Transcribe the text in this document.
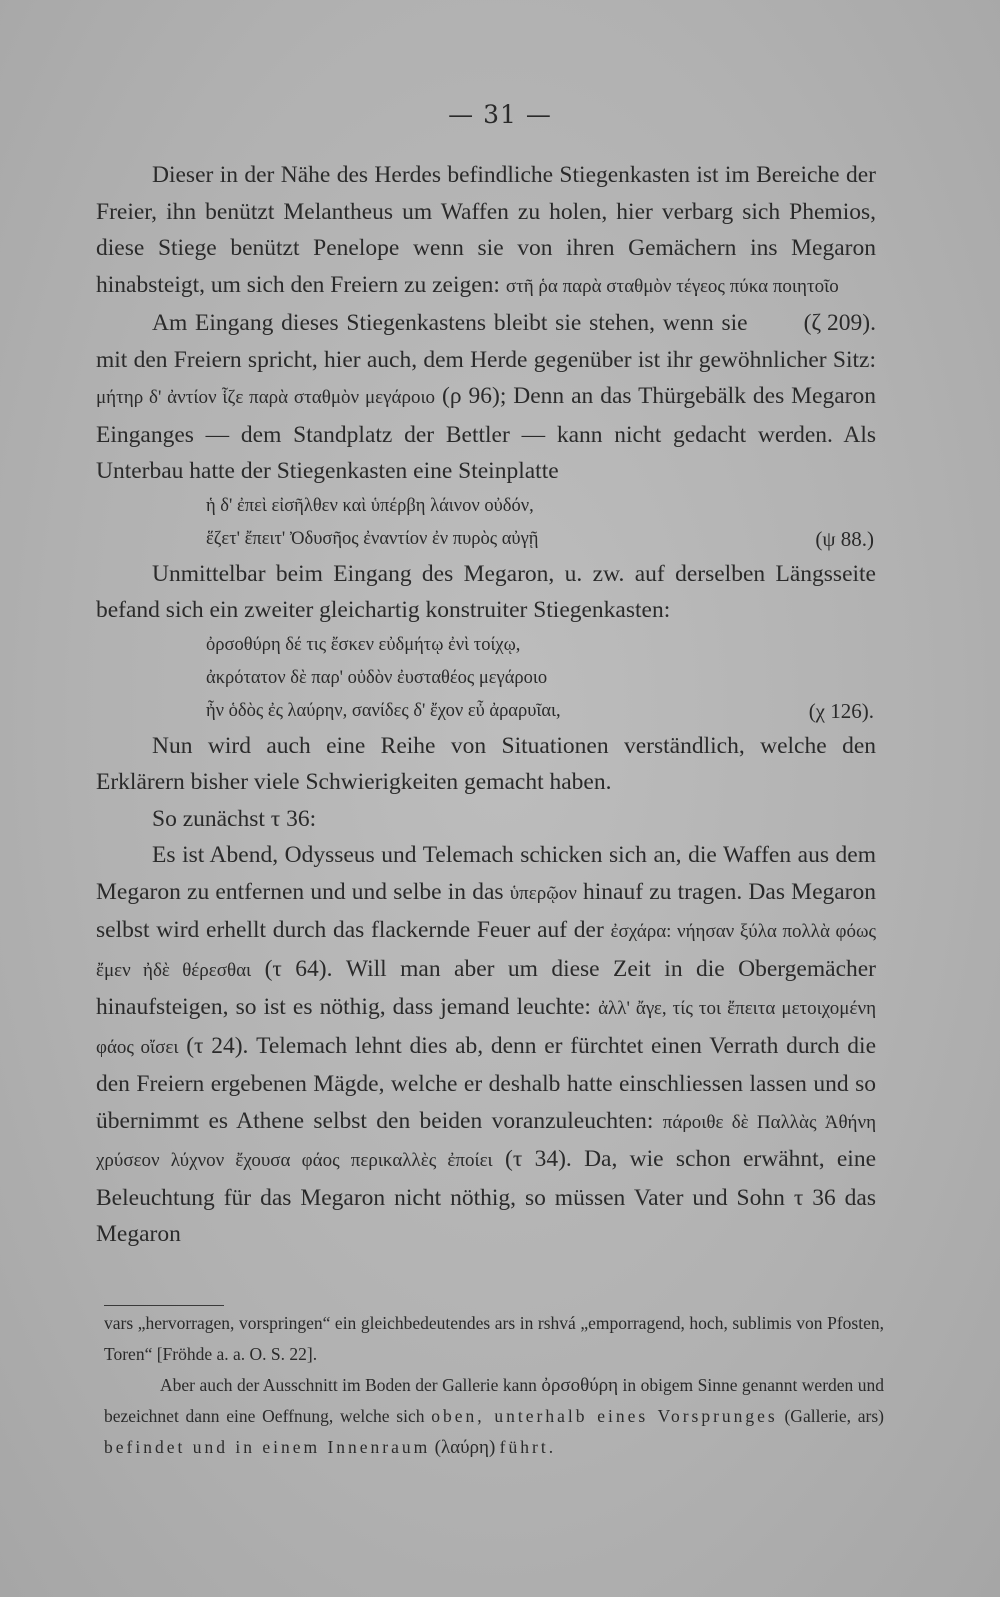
— 31 —

Dieser in der Nähe des Herdes befindliche Stiegenkasten ist im Bereiche der Freier, ihn benützt Melantheus um Waffen zu holen, hier verbarg sich Phemios, diese Stiege benützt Penelope wenn sie von ihren Gemächern ins Megaron hinabsteigt, um sich den Freiern zu zeigen: στῆ ῥα παρὰ σταθμὸν τέγεος πύκα ποιητοῖο
(ζ 209).

Am Eingang dieses Stiegenkastens bleibt sie stehen, wenn sie mit den Freiern spricht, hier auch, dem Herde gegenüber ist ihr gewöhnlicher Sitz: μήτηρ δ' ἀντίον ἷζε παρὰ σταθμὸν μεγάροιο (ρ 96); Denn an das Thürgebälk des Megaron Einganges — dem Standplatz der Bettler — kann nicht gedacht werden. Als Unterbau hatte der Stiegenkasten eine Steinplatte

ἡ δ' ἐπεὶ εἰσῆλθεν καὶ ὑπέρβη λάινον οὐδόν,

ἕζετ' ἔπειτ' Ὀδυσῆος ἐναντίον ἐν πυρὸς αὐγῇ	(ψ 88.)

Unmittelbar beim Eingang des Megaron, u. zw. auf derselben Längsseite befand sich ein zweiter gleichartig konstruiter Stiegenkasten:

ὀρσοθύρη δέ τις ἔσκεν εὐδμήτῳ ἐνὶ τοίχῳ,

ἀκρότατον δὲ παρ' οὐδὸν ἐυσταθέος μεγάροιο

ἦν ὁδὸς ἐς λαύρην, σανίδες δ' ἔχον εὖ ἀραρυῖαι,	(χ 126).

Nun wird auch eine Reihe von Situationen verständlich, welche den Erklärern bisher viele Schwierigkeiten gemacht haben.

So zunächst τ 36:

Es ist Abend, Odysseus und Telemach schicken sich an, die Waffen aus dem Megaron zu entfernen und und selbe in das ὑπερῷον hinauf zu tragen. Das Megaron selbst wird erhellt durch das flackernde Feuer auf der ἐσχάρα: νήησαν ξύλα πολλὰ φόως ἔμεν ἠδὲ θέρεσθαι (τ 64). Will man aber um diese Zeit in die Obergemächer hinaufsteigen, so ist es nöthig, dass jemand leuchte: ἀλλ' ἄγε, τίς τοι ἔπειτα μετοιχομένη φάος οἴσει (τ 24). Telemach lehnt dies ab, denn er fürchtet einen Verrath durch die den Freiern ergebenen Mägde, welche er deshalb hatte einschliessen lassen und so übernimmt es Athene selbst den beiden voranzuleuchten: πάροιθε δὲ Παλλὰς Ἀθήνη χρύσεον λύχνον ἔχουσα φάος περικαλλὲς ἐποίει (τ 34). Da, wie schon erwähnt, eine Beleuchtung für das Megaron nicht nöthig, so müssen Vater und Sohn τ 36 das Megaron

vars „hervorragen, vorspringen“ ein gleichbedeutendes ars in rshvá „emporragend, hoch, sublimis von Pfosten, Toren“ [Fröhde a. a. O. S. 22].

Aber auch der Ausschnitt im Boden der Gallerie kann ὀρσοθύρη in obigem Sinne genannt werden und bezeichnet dann eine Oeffnung, welche sich oben, unterhalb eines Vorsprunges (Gallerie, ars) befindet und in einem Innenraum (λαύρη) führt.
